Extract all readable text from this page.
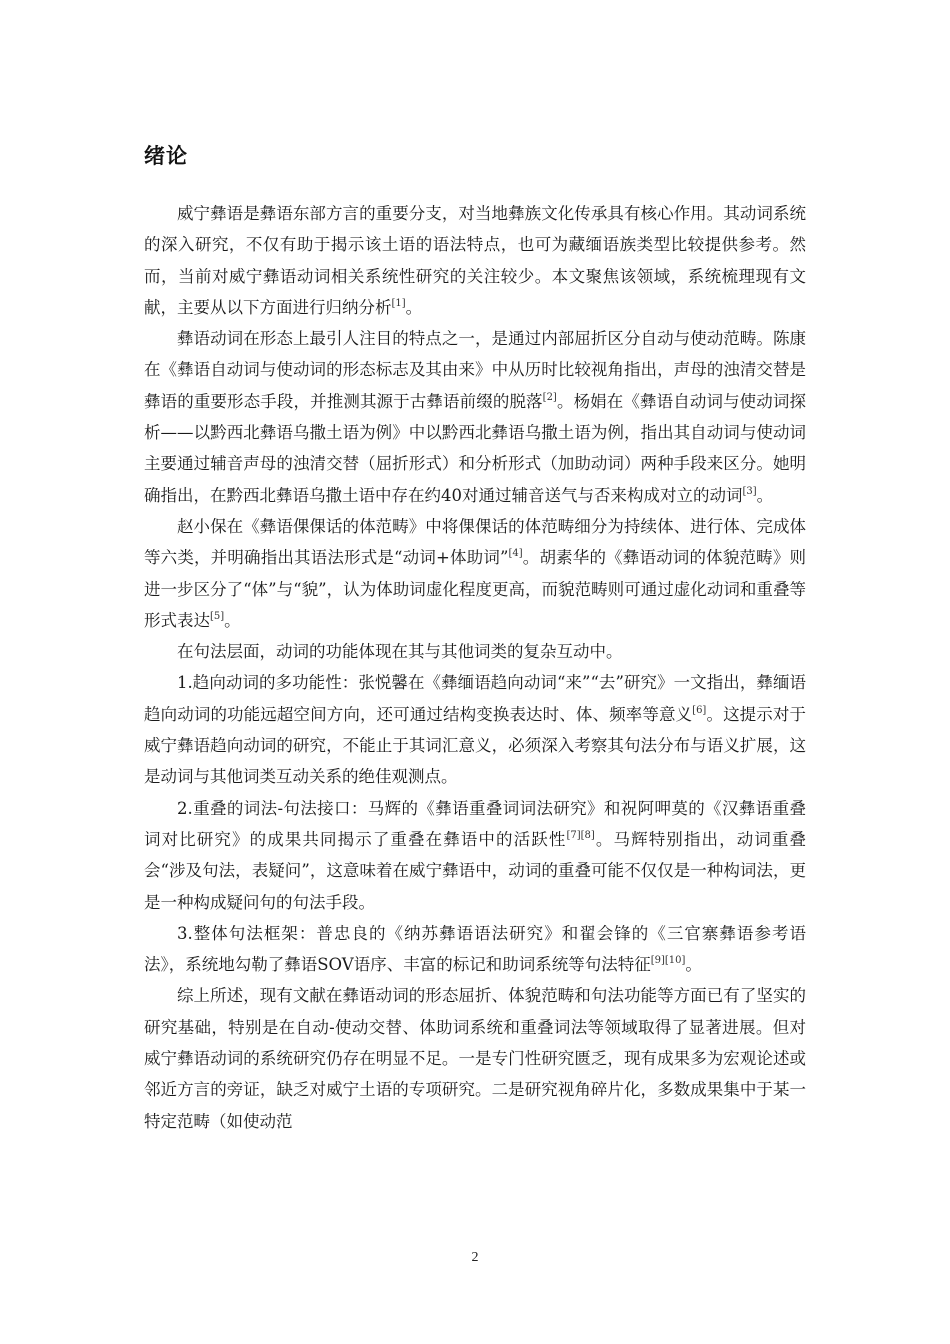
绪论

威宁彝语是彝语东部方言的重要分支，对当地彝族文化传承具有核心作用。其动词系统的深入研究，不仅有助于揭示该土语的语法特点，也可为藏缅语族类型比较提供参考。然而，当前对威宁彝语动词相关系统性研究的关注较少。本文聚焦该领域，系统梳理现有文献，主要从以下方面进行归纳分析[1]。

彝语动词在形态上最引人注目的特点之一，是通过内部屈折区分自动与使动范畴。陈康在《彝语自动词与使动词的形态标志及其由来》中从历时比较视角指出，声母的浊清交替是彝语的重要形态手段，并推测其源于古彝语前缀的脱落[2]。杨娟在《彝语自动词与使动词探析——以黔西北彝语乌撒土语为例》中以黔西北彝语乌撒土语为例，指出其自动词与使动词主要通过辅音声母的浊清交替（屈折形式）和分析形式（加助动词）两种手段来区分。她明确指出，在黔西北彝语乌撒土语中存在约40对通过辅音送气与否来构成对立的动词[3]。

赵小保在《彝语倮倮话的体范畴》中将倮倮话的体范畴细分为持续体、进行体、完成体等六类，并明确指出其语法形式是“动词+体助词”[4]。胡素华的《彝语动词的体貌范畴》则进一步区分了“体”与“貌”，认为体助词虚化程度更高，而貌范畴则可通过虚化动词和重叠等形式表达[5]。

在句法层面，动词的功能体现在其与其他词类的复杂互动中。

1.趋向动词的多功能性：张悦馨在《彝缅语趋向动词“来”“去”研究》一文指出，彝缅语趋向动词的功能远超空间方向，还可通过结构变换表达时、体、频率等意义[6]。这提示对于威宁彝语趋向动词的研究，不能止于其词汇意义，必须深入考察其句法分布与语义扩展，这是动词与其他词类互动关系的绝佳观测点。

2.重叠的词法-句法接口：马辉的《彝语重叠词词法研究》和祝阿呷莫的《汉彝语重叠词对比研究》的成果共同揭示了重叠在彝语中的活跃性[7][8]。马辉特别指出，动词重叠会“涉及句法，表疑问”，这意味着在威宁彝语中，动词的重叠可能不仅仅是一种构词法，更是一种构成疑问句的句法手段。

3.整体句法框架：普忠良的《纳苏彝语语法研究》和翟会锋的《三官寨彝语参考语法》，系统地勾勒了彝语SOV语序、丰富的标记和助词系统等句法特征[9][10]。

综上所述，现有文献在彝语动词的形态屈折、体貌范畴和句法功能等方面已有了坚实的研究基础，特别是在自动-使动交替、体助词系统和重叠词法等领域取得了显著进展。但对威宁彝语动词的系统研究仍存在明显不足。一是专门性研究匮乏，现有成果多为宏观论述或邻近方言的旁证，缺乏对威宁土语的专项研究。二是研究视角碎片化，多数成果集中于某一特定范畴（如使动范

2
